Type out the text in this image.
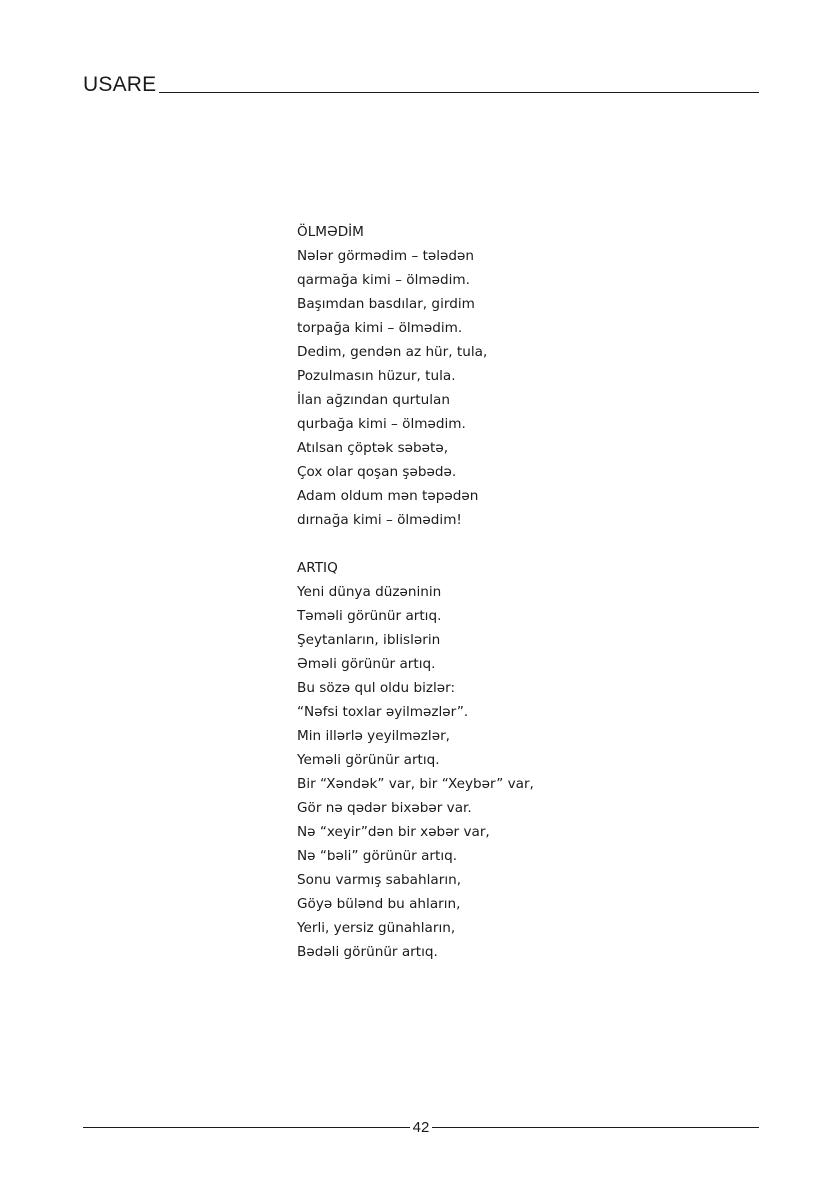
USARE

ÖLMƏDİM

Nələr görmədim – tələdən

qarmağa kimi – ölmədim.

Başımdan basdılar, girdim

torpağa kimi – ölmədim.

Dedim, gendən az hür, tula,

Pozulmasın hüzur, tula.

İlan ağzından qurtulan

qurbağa kimi – ölmədim.

Atılsan çöptək səbətə,

Çox olar qoşan şəbədə.

Adam oldum mən təpədən

dırnağa kimi – ölmədim!

ARTIQ

Yeni dünya düzəninin

Təməli görünür artıq.

Şeytanların, iblislərin

Əməli görünür artıq.

Bu sözə qul oldu bizlər:

“Nəfsi toxlar əyilməzlər”.

Min illərlə yeyilməzlər,

Yeməli görünür artıq.

Bir “Xəndək” var, bir “Xeybər” var,

Gör nə qədər bixəbər var.

Nə “xeyir”dən bir xəbər var,

Nə “bəli” görünür artıq.

Sonu varmış sabahların,

Göyə bülənd bu ahların,

Yerli, yersiz günahların,

Bədəli görünür artıq.

42
